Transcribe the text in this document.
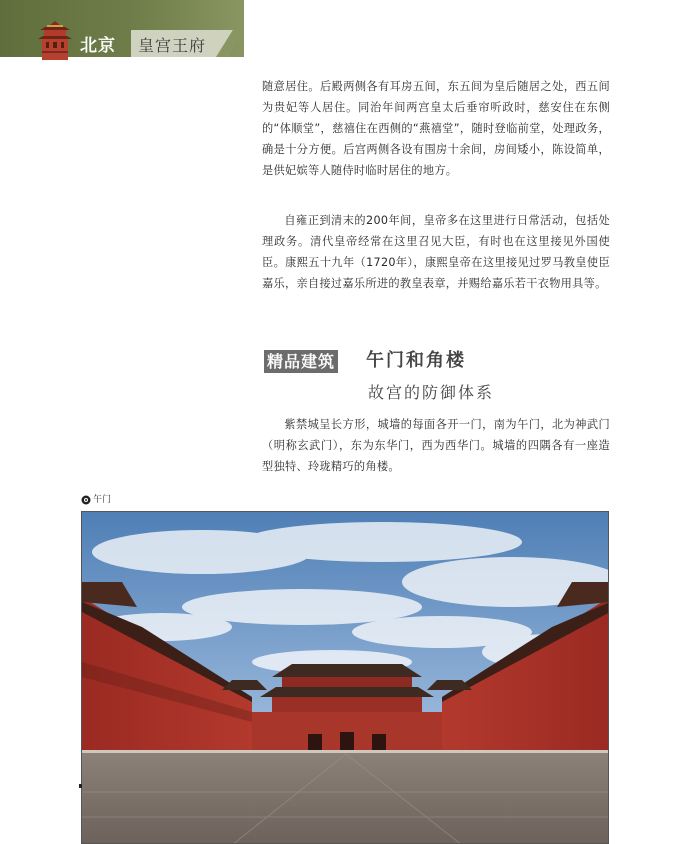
北京 皇宫王府

随意居住。后殿两侧各有耳房五间，东五间为皇后随居之处，西五间为贵妃等人居住。同治年间两宫皇太后垂帘听政时，慈安住在东侧的“体顺堂”，慈禧住在西侧的“燕禧堂”，随时登临前堂，处理政务，确是十分方便。后宫两侧各设有围房十余间，房间矮小，陈设简单，是供妃嫔等人随侍时临时居住的地方。

自雍正到清末的200年间，皇帝多在这里进行日常活动，包括处理政务。清代皇帝经常在这里召见大臣，有时也在这里接见外国使臣。康熙五十九年（1720年），康熙皇帝在这里接见过罗马教皇使臣嘉乐，亲自接过嘉乐所进的教皇表章，并赐给嘉乐若干衣物用具等。

精品建筑 午门和角楼
故宫的防御体系

紫禁城呈长方形，城墙的每面各开一门，南为午门，北为神武门（明称玄武门），东为东华门，西为西华门。城墙的四隅各有一座造型独特、玲珑精巧的角楼。

午门
